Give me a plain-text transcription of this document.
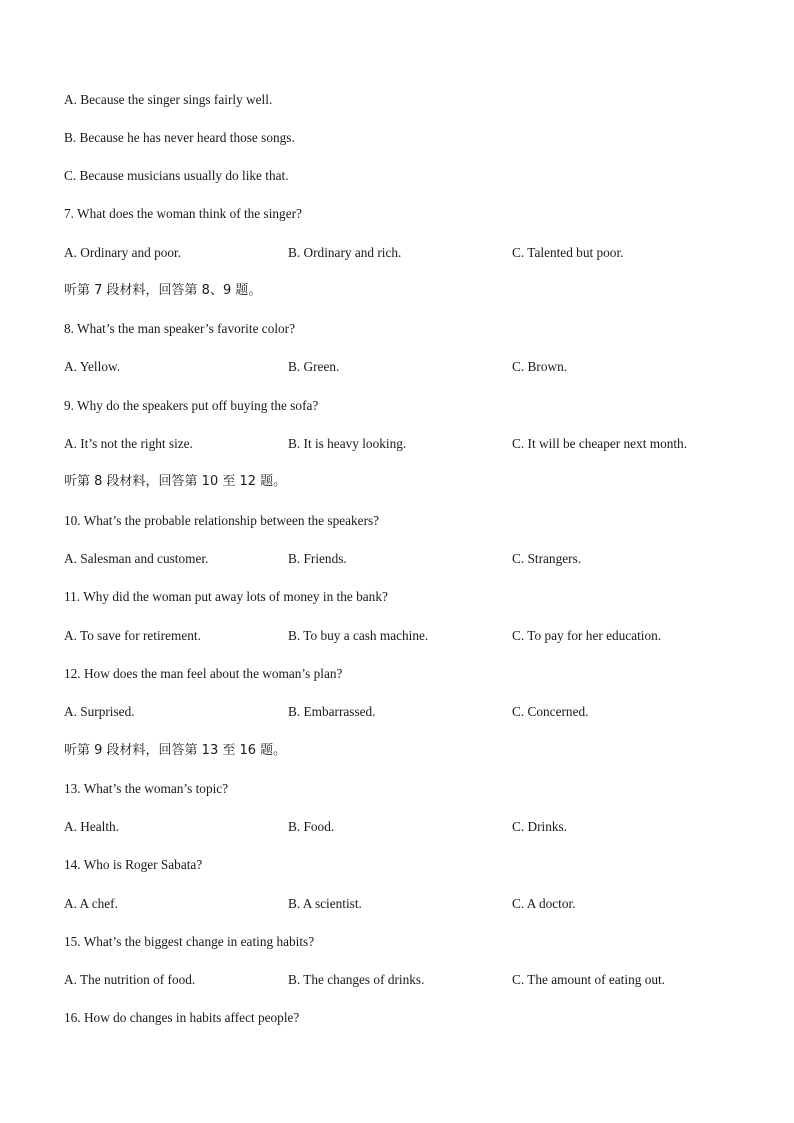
A. Because the singer sings fairly well.
B. Because he has never heard those songs.
C. Because musicians usually do like that.
7. What does the woman think of the singer?
A. Ordinary and poor.	B. Ordinary and rich.	C. Talented but poor.
听第 7 段材料，回答第 8、9 题。
8. What’s the man speaker’s favorite color?
A. Yellow.	B. Green.	C. Brown.
9. Why do the speakers put off buying the sofa?
A. It’s not the right size.	B. It is heavy looking.	C. It will be cheaper next month.
听第 8 段材料，回答第 10 至 12 题。
10. What’s the probable relationship between the speakers?
A. Salesman and customer.	B. Friends.	C. Strangers.
11. Why did the woman put away lots of money in the bank?
A. To save for retirement.	B. To buy a cash machine.	C. To pay for her education.
12. How does the man feel about the woman’s plan?
A. Surprised.	B. Embarrassed.	C. Concerned.
听第 9 段材料，回答第 13 至 16 题。
13. What’s the woman’s topic?
A. Health.	B. Food.	C. Drinks.
14. Who is Roger Sabata?
A. A chef.	B. A scientist.	C. A doctor.
15. What’s the biggest change in eating habits?
A. The nutrition of food.	B. The changes of drinks.	C. The amount of eating out.
16. How do changes in habits affect people?
